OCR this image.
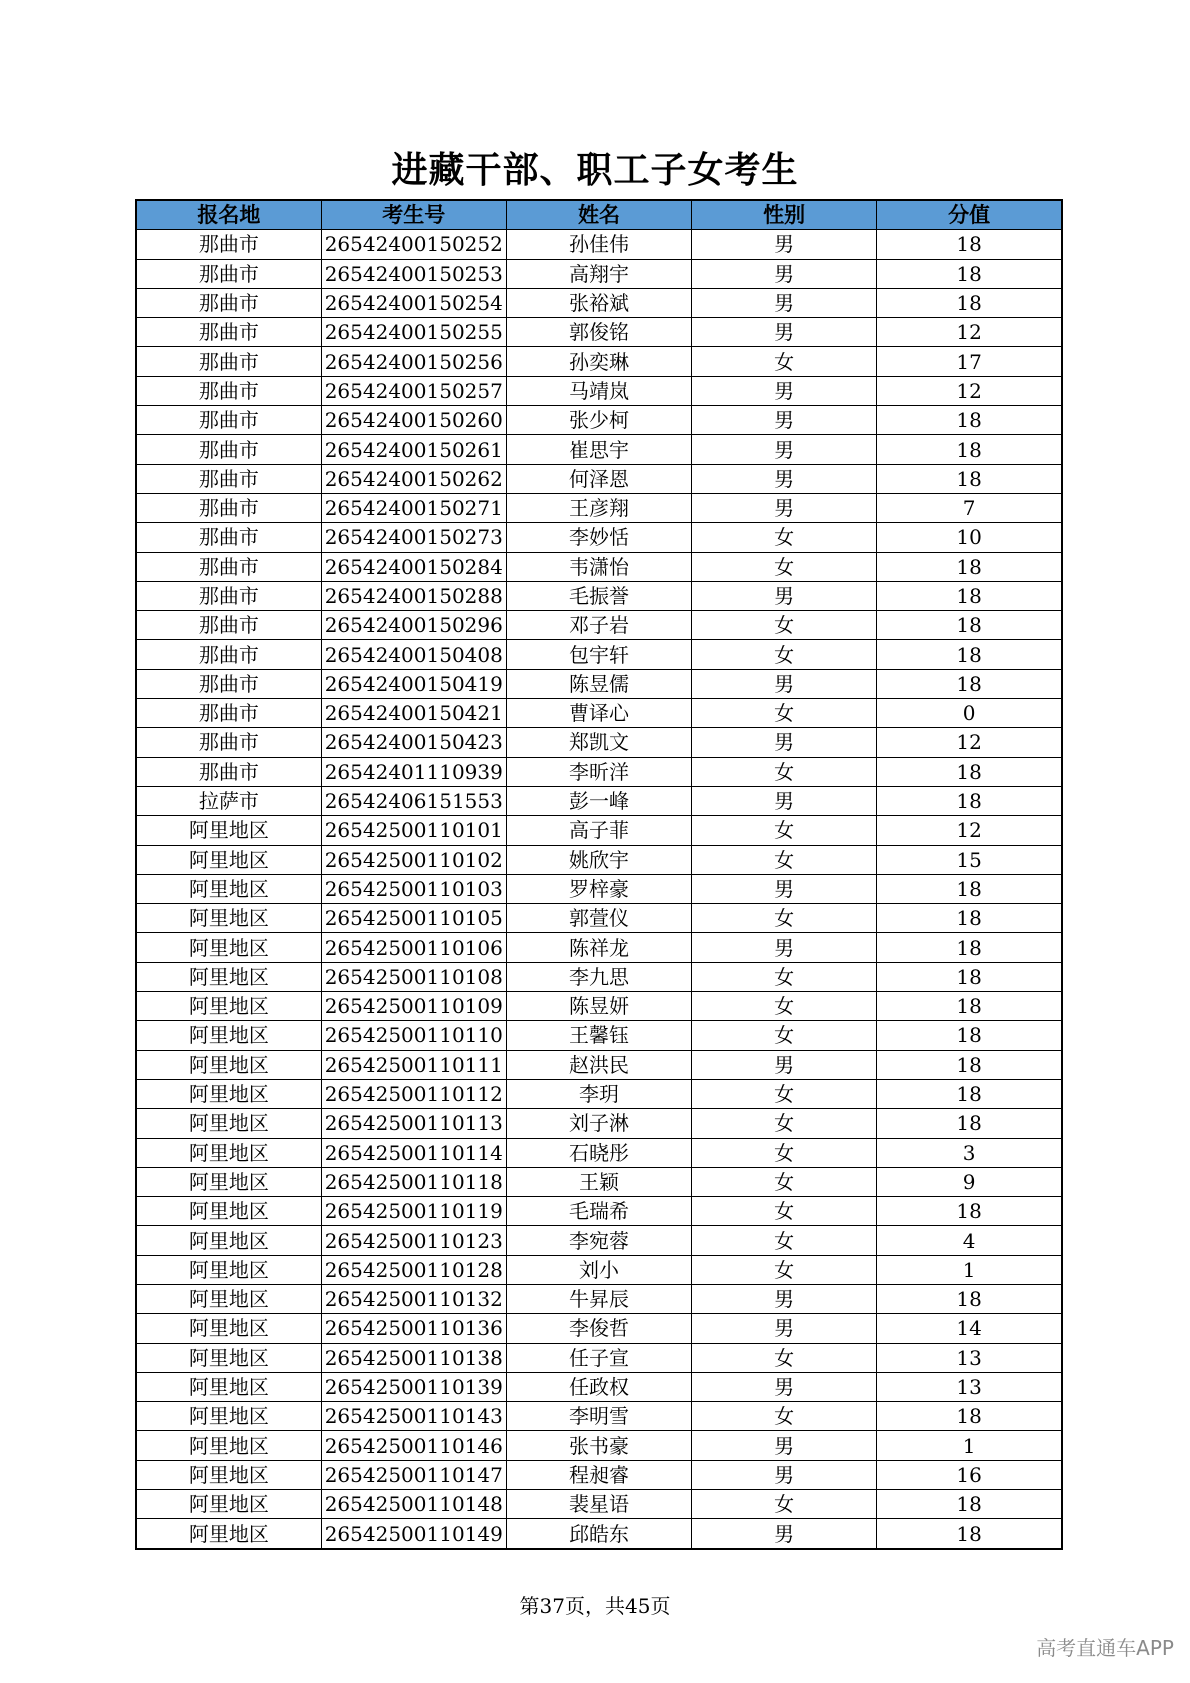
进藏干部、职工子女考生
报名地	考生号	姓名	性别	分值
那曲市	26542400150252	孙佳伟	男	18
那曲市	26542400150253	高翔宇	男	18
那曲市	26542400150254	张裕斌	男	18
那曲市	26542400150255	郭俊铭	男	12
那曲市	26542400150256	孙奕琳	女	17
那曲市	26542400150257	马靖岚	男	12
那曲市	26542400150260	张少柯	男	18
那曲市	26542400150261	崔思宇	男	18
那曲市	26542400150262	何泽恩	男	18
那曲市	26542400150271	王彦翔	男	7
那曲市	26542400150273	李妙恬	女	10
那曲市	26542400150284	韦潇怡	女	18
那曲市	26542400150288	毛振誉	男	18
那曲市	26542400150296	邓子岩	女	18
那曲市	26542400150408	包宇轩	女	18
那曲市	26542400150419	陈昱儒	男	18
那曲市	26542400150421	曹译心	女	0
那曲市	26542400150423	郑凯文	男	12
那曲市	26542401110939	李昕洋	女	18
拉萨市	26542406151553	彭一峰	男	18
阿里地区	26542500110101	高子菲	女	12
阿里地区	26542500110102	姚欣宇	女	15
阿里地区	26542500110103	罗梓豪	男	18
阿里地区	26542500110105	郭萱仪	女	18
阿里地区	26542500110106	陈祥龙	男	18
阿里地区	26542500110108	李九思	女	18
阿里地区	26542500110109	陈昱妍	女	18
阿里地区	26542500110110	王馨钰	女	18
阿里地区	26542500110111	赵洪民	男	18
阿里地区	26542500110112	李玥	女	18
阿里地区	26542500110113	刘子淋	女	18
阿里地区	26542500110114	石晓彤	女	3
阿里地区	26542500110118	王颖	女	9
阿里地区	26542500110119	毛瑞希	女	18
阿里地区	26542500110123	李宛蓉	女	4
阿里地区	26542500110128	刘小	女	1
阿里地区	26542500110132	牛昇辰	男	18
阿里地区	26542500110136	李俊哲	男	14
阿里地区	26542500110138	任子宣	女	13
阿里地区	26542500110139	任政权	男	13
阿里地区	26542500110143	李明雪	女	18
阿里地区	26542500110146	张书豪	男	1
阿里地区	26542500110147	程昶睿	男	16
阿里地区	26542500110148	裴星语	女	18
阿里地区	26542500110149	邱皓东	男	18
第37页，共45页
高考直通车APP
